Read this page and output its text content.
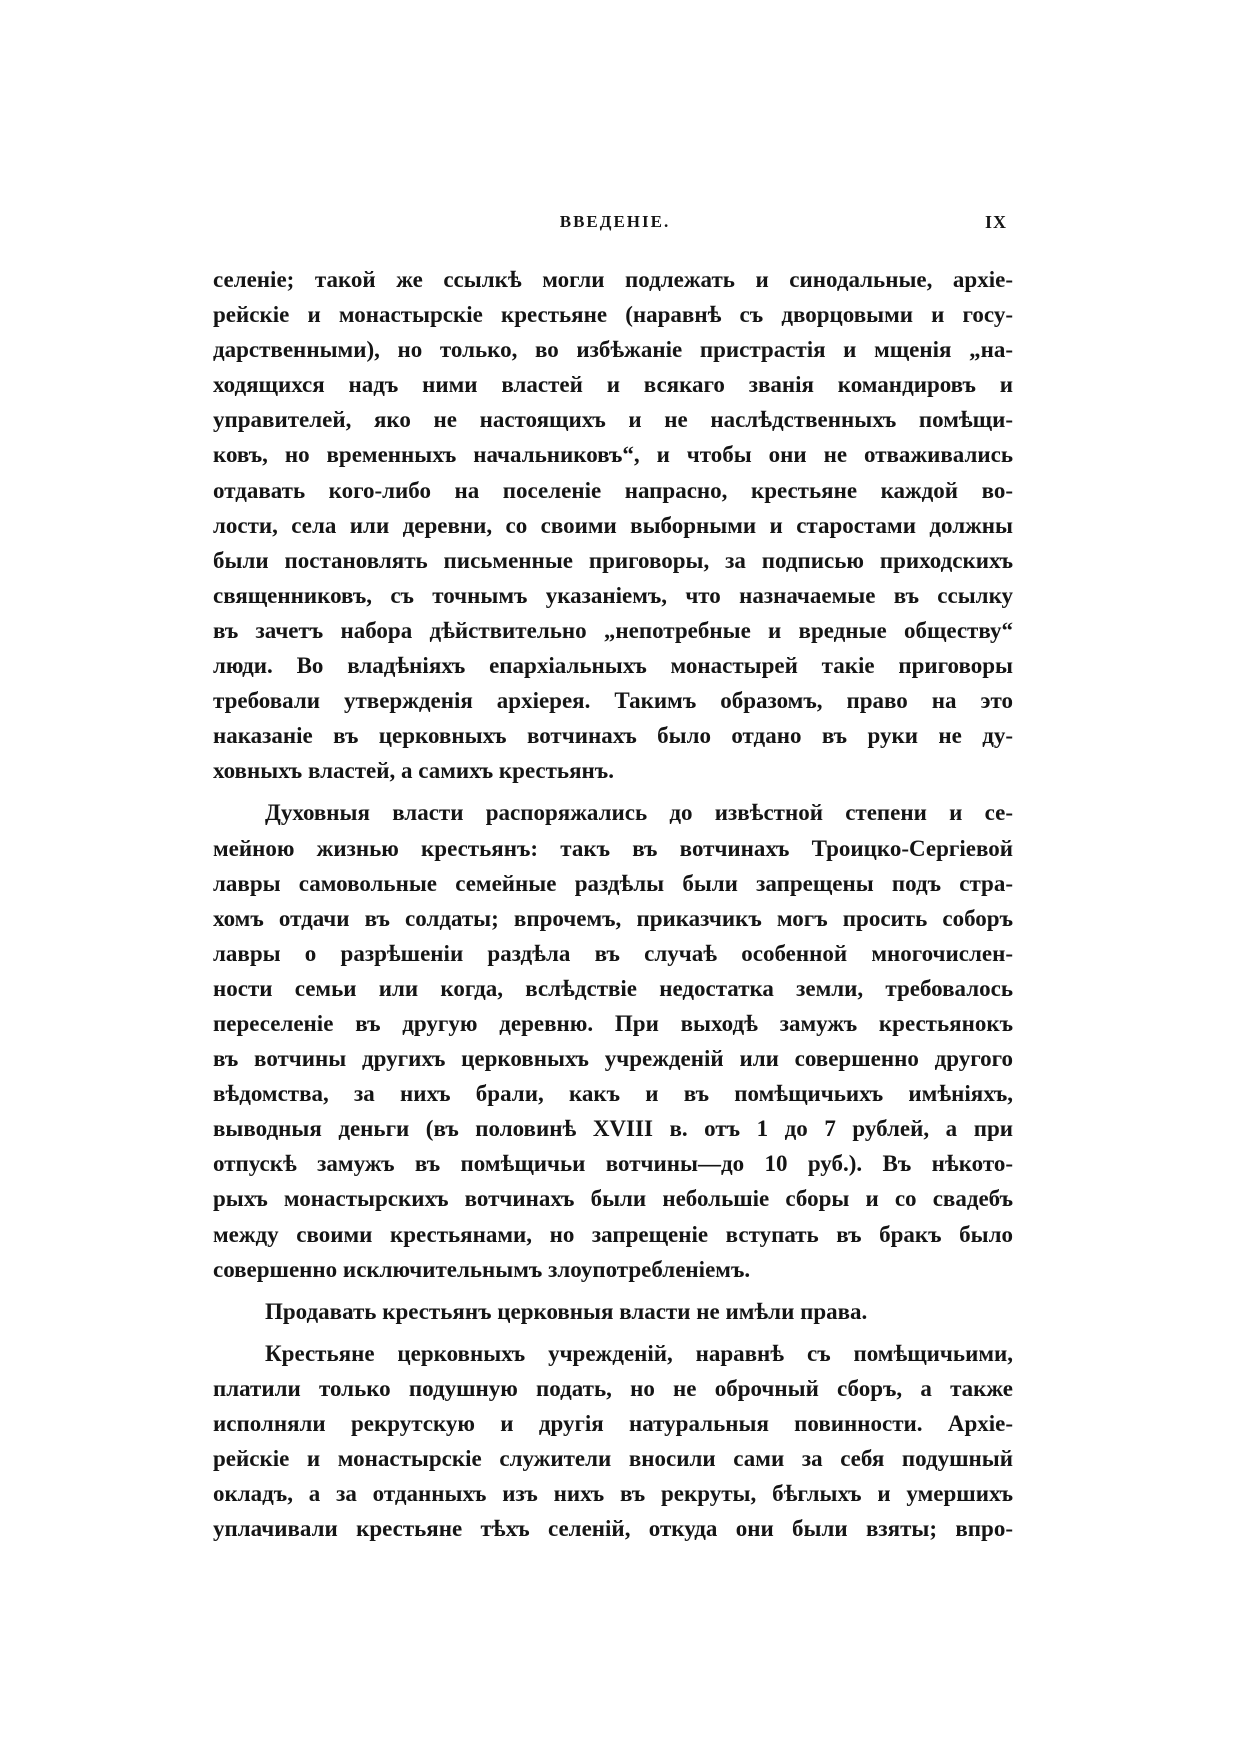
ВВЕДЕНІЕ.	IX
селеніе; такой же ссылкѣ могли подлежать и синодальные, архіе-
рейскіе и монастырскіе крестьяне (наравнѣ съ дворцовыми и госу-
дарственными), но только, во избѣжаніе пристрастія и мщенія „на-
ходящихся надъ ними властей и всякаго званія командировъ и
управителей, яко не настоящихъ и не наслѣдственныхъ помѣщи-
ковъ, но временныхъ начальниковъ“, и чтобы они не отваживались
отдавать кого-либо на поселеніе напрасно, крестьяне каждой во-
лости, села или деревни, со своими выборными и старостами должны
были постановлять письменные приговоры, за подписью приходскихъ
священниковъ, съ точнымъ указаніемъ, что назначаемые въ ссылку
въ зачетъ набора дѣйствительно „непотребные и вредные обществу“
люди. Во владѣніяхъ епархіальныхъ монастырей такіе приговоры
требовали утвержденія архіерея. Такимъ образомъ, право на это
наказаніе въ церковныхъ вотчинахъ было отдано въ руки не ду-
ховныхъ властей, а самихъ крестьянъ.
Духовныя власти распоряжались до извѣстной степени и се-
мейною жизнью крестьянъ: такъ въ вотчинахъ Троицко-Сергіевой
лавры самовольные семейные раздѣлы были запрещены подъ стра-
хомъ отдачи въ солдаты; впрочемъ, приказчикъ могъ просить соборъ
лавры о разрѣшеніи раздѣла въ случаѣ особенной многочислен-
ности семьи или когда, вслѣдствіе недостатка земли, требовалось
переселеніе въ другую деревню. При выходѣ замужъ крестьянокъ
въ вотчины другихъ церковныхъ учрежденій или совершенно другого
вѣдомства, за нихъ брали, какъ и въ помѣщичьихъ имѣніяхъ,
выводныя деньги (въ половинѣ XVIII в. отъ 1 до 7 рублей, а при
отпускѣ замужъ въ помѣщичьи вотчины—до 10 руб.). Въ нѣкото-
рыхъ монастырскихъ вотчинахъ были небольшіе сборы и со свадебъ
между своими крестьянами, но запрещеніе вступать въ бракъ было
совершенно исключительнымъ злоупотребленіемъ.
Продавать крестьянъ церковныя власти не имѣли права.
Крестьяне церковныхъ учрежденій, наравнѣ съ помѣщичьими,
платили только подушную подать, но не оброчный сборъ, а также
исполняли рекрутскую и другія натуральныя повинности. Архіе-
рейскіе и монастырскіе служители вносили сами за себя подушный
окладъ, а за отданныхъ изъ нихъ въ рекруты, бѣглыхъ и умершихъ
уплачивали крестьяне тѣхъ селеній, откуда они были взяты; впро-
